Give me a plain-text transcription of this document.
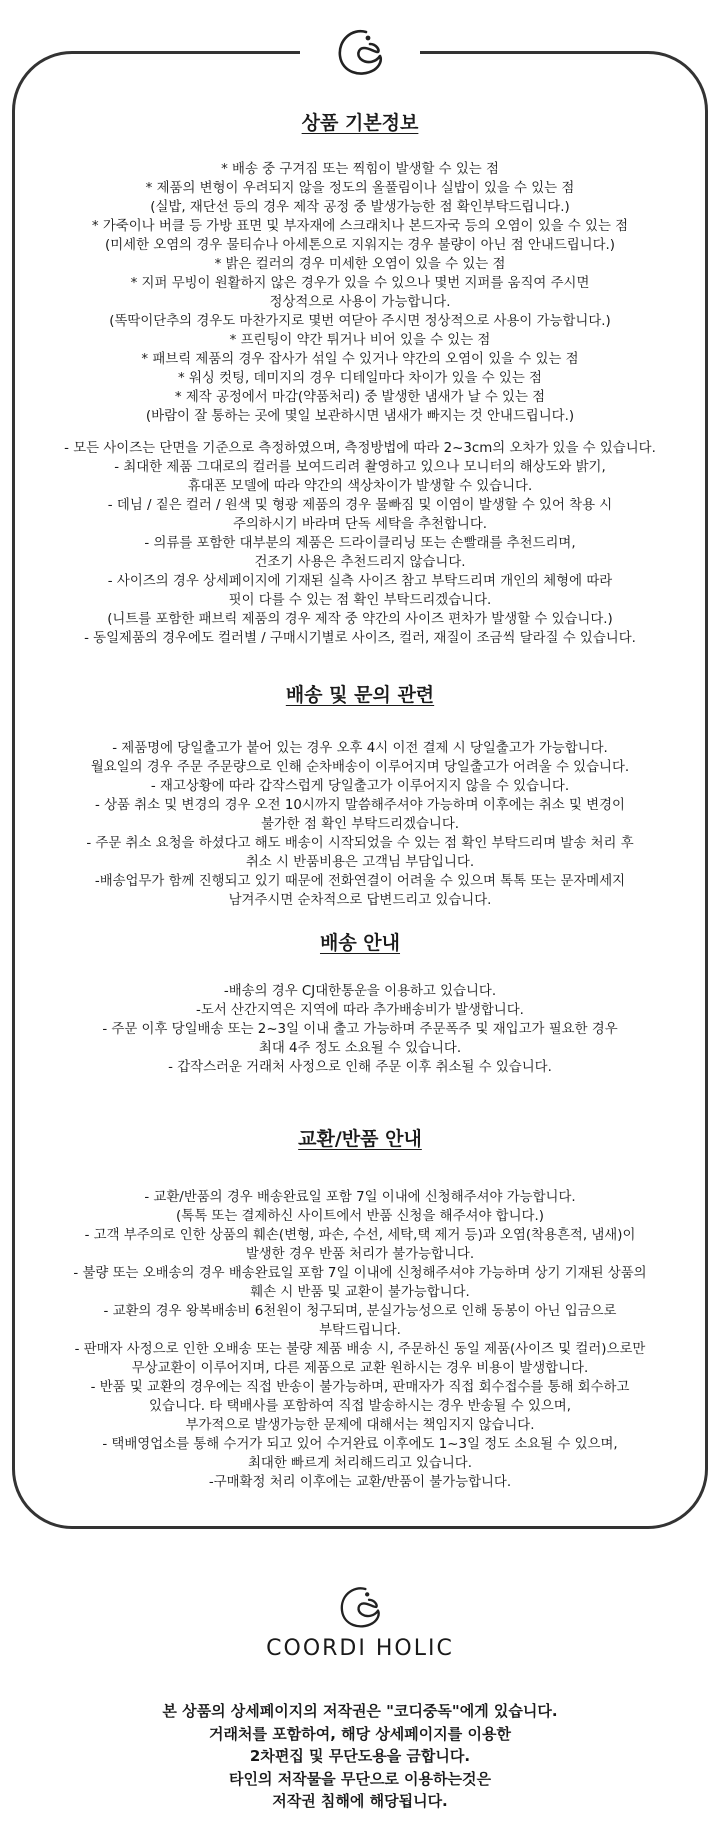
상품 기본정보
* 배송 중 구겨짐 또는 찍힘이 발생할 수 있는 점
* 제품의 변형이 우려되지 않을 정도의 올풀림이나 실밥이 있을 수 있는 점
(실밥, 재단선 등의 경우 제작 공정 중 발생가능한 점 확인부탁드립니다.)
* 가죽이나 버클 등 가방 표면 및 부자재에 스크래치나 본드자국 등의 오염이 있을 수 있는 점
(미세한 오염의 경우 물티슈나 아세톤으로 지워지는 경우 불량이 아닌 점 안내드립니다.)
* 밝은 컬러의 경우 미세한 오염이 있을 수 있는 점
* 지퍼 무빙이 원활하지 않은 경우가 있을 수 있으나 몇번 지퍼를 움직여 주시면
정상적으로 사용이 가능합니다.
(똑딱이단추의 경우도 마찬가지로 몇번 여닫아 주시면 정상적으로 사용이 가능합니다.)
* 프린팅이 약간 튀거나 비어 있을 수 있는 점
* 패브릭 제품의 경우 잡사가 섞일 수 있거나 약간의 오염이 있을 수 있는 점
* 워싱 컷팅, 데미지의 경우 디테일마다 차이가 있을 수 있는 점
* 제작 공정에서 마감(약품처리) 중 발생한 냄새가 날 수 있는 점
(바람이 잘 통하는 곳에 몇일 보관하시면 냄새가 빠지는 것 안내드립니다.)
- 모든 사이즈는 단면을 기준으로 측정하였으며, 측정방법에 따라 2~3cm의 오차가 있을 수 있습니다.
- 최대한 제품 그대로의 컬러를 보여드리려 촬영하고 있으나 모니터의 해상도와 밝기,
휴대폰 모델에 따라 약간의 색상차이가 발생할 수 있습니다.
- 데님 / 짙은 컬러 / 원색 및 형광 제품의 경우 물빠짐 및 이염이 발생할 수 있어 착용 시
주의하시기 바라며 단독 세탁을 추천합니다.
- 의류를 포함한 대부분의 제품은 드라이클리닝 또는 손빨래를 추천드리며,
건조기 사용은 추천드리지 않습니다.
- 사이즈의 경우 상세페이지에 기재된 실측 사이즈 참고 부탁드리며 개인의 체형에 따라
핏이 다를 수 있는 점 확인 부탁드리겠습니다.
(니트를 포함한 패브릭 제품의 경우 제작 중 약간의 사이즈 편차가 발생할 수 있습니다.)
- 동일제품의 경우에도 컬러별 / 구매시기별로 사이즈, 컬러, 재질이 조금씩 달라질 수 있습니다.
배송 및 문의 관련
- 제품명에 당일출고가 붙어 있는 경우 오후 4시 이전 결제 시 당일출고가 가능합니다.
월요일의 경우 주문 주문량으로 인해 순차배송이 이루어지며 당일출고가 어려울 수 있습니다.
- 재고상황에 따라 갑작스럽게 당일출고가 이루어지지 않을 수 있습니다.
- 상품 취소 및 변경의 경우 오전 10시까지 말씀해주셔야 가능하며 이후에는 취소 및 변경이
불가한 점 확인 부탁드리겠습니다.
- 주문 취소 요청을 하셨다고 해도 배송이 시작되었을 수 있는 점 확인 부탁드리며 발송 처리 후
취소 시 반품비용은 고객님 부담입니다.
-배송업무가 함께 진행되고 있기 때문에 전화연결이 어려울 수 있으며 톡톡 또는 문자메세지
남겨주시면 순차적으로 답변드리고 있습니다.
배송 안내
-배송의 경우 CJ대한통운을 이용하고 있습니다.
-도서 산간지역은 지역에 따라 추가배송비가 발생합니다.
- 주문 이후 당일배송 또는 2~3일 이내 출고 가능하며 주문폭주 및 재입고가 필요한 경우
최대 4주 정도 소요될 수 있습니다.
- 갑작스러운 거래처 사정으로 인해 주문 이후 취소될 수 있습니다.
교환/반품 안내
- 교환/반품의 경우 배송완료일 포함 7일 이내에 신청해주셔야 가능합니다.
(톡톡 또는 결제하신 사이트에서 반품 신청을 해주셔야 합니다.)
- 고객 부주의로 인한 상품의 훼손(변형, 파손, 수선, 세탁,택 제거 등)과 오염(착용흔적, 냄새)이
발생한 경우 반품 처리가 불가능합니다.
- 불량 또는 오배송의 경우 배송완료일 포함 7일 이내에 신청해주셔야 가능하며 상기 기재된 상품의
훼손 시 반품 및 교환이 불가능합니다.
- 교환의 경우 왕복배송비 6천원이 청구되며, 분실가능성으로 인해 동봉이 아닌 입금으로
부탁드립니다.
- 판매자 사정으로 인한 오배송 또는 불량 제품 배송 시, 주문하신 동일 제품(사이즈 및 컬러)으로만
무상교환이 이루어지며, 다른 제품으로 교환 원하시는 경우 비용이 발생합니다.
- 반품 및 교환의 경우에는 직접 반송이 불가능하며, 판매자가 직접 회수접수를 통해 회수하고
있습니다. 타 택배사를 포함하여 직접 발송하시는 경우 반송될 수 있으며,
부가적으로 발생가능한 문제에 대해서는 책임지지 않습니다.
- 택배영업소를 통해 수거가 되고 있어 수거완료 이후에도 1~3일 정도 소요될 수 있으며,
최대한 빠르게 처리해드리고 있습니다.
-구매확정 처리 이후에는 교환/반품이 불가능합니다.
COORDI HOLIC
본 상품의 상세페이지의 저작권은 "코디중독"에게 있습니다.
거래처를 포함하여, 해당 상세페이지를 이용한
2차편집 및 무단도용을 금합니다.
타인의 저작물을 무단으로 이용하는것은
저작권 침해에 해당됩니다.
